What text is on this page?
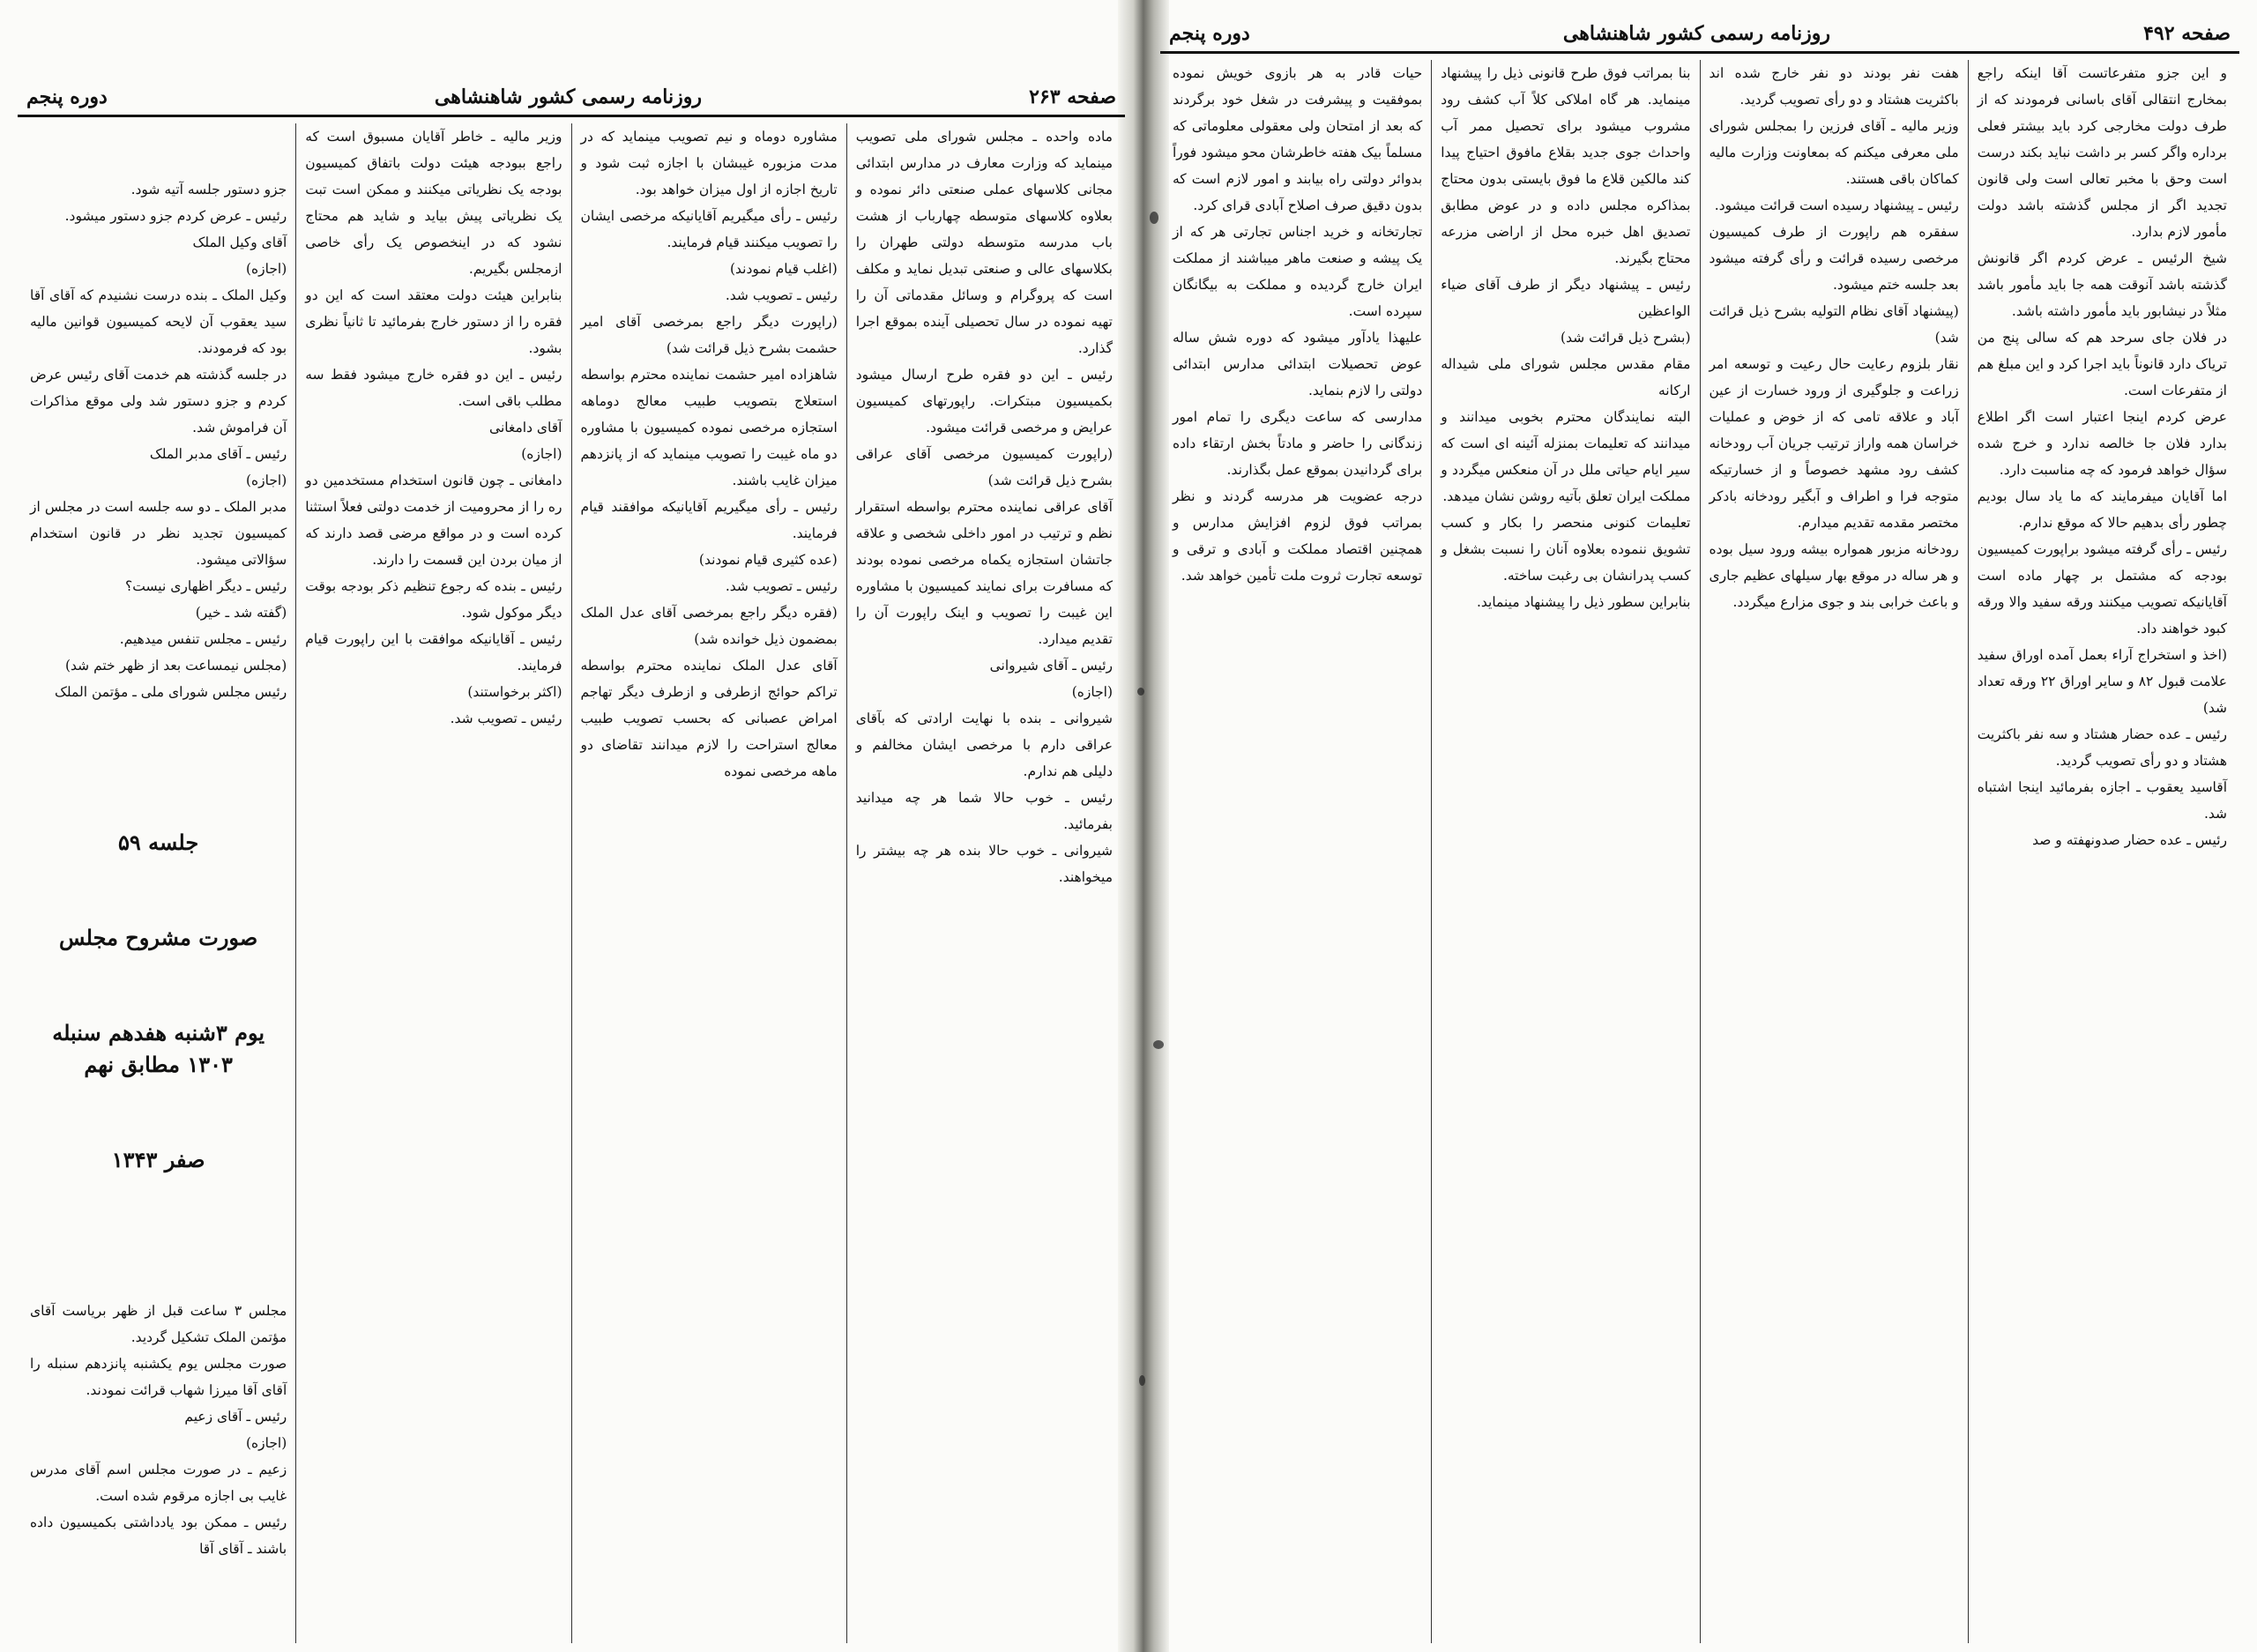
صفحه ۲۶۳
روزنامه رسمی کشور شاهنشاهی
دوره پنجم
ماده واحده ـ مجلس شورای ملی تصویب مینماید که وزارت معارف در مدارس ابتدائی مجانی کلاسهای عملی صنعتی دائر نموده و بعلاوه کلاسهای متوسطه چهارباب از هشت باب مدرسه متوسطه دولتی طهران را بکلاسهای عالی و صنعتی تبدیل نماید و مکلف است که پروگرام و وسائل مقدماتی آن را تهیه نموده در سال تحصیلی آینده بموقع اجرا گذارد.
رئیس ـ این دو فقره طرح ارسال میشود بکمیسیون مبتکرات. راپورتهای کمیسیون عرایض و مرخصی قرائت میشود.
(راپورت کمیسیون مرخصی آقای عراقی بشرح ذیل قرائت شد)
آقای عراقی نماینده محترم بواسطه استقرار نظم و ترتیب در امور داخلی شخصی و علاقه جاتشان استجازه یکماه مرخصی نموده بودند که مسافرت برای نمایند کمیسیون با مشاوره این غیبت را تصویب و اینک راپورت آن را تقدیم میدارد.
رئیس ـ آقای شیروانی
(اجازه)
شیروانی ـ بنده با نهایت ارادتی که بآقای عراقی دارم با مرخصی ایشان مخالفم و دلیلی هم ندارم.
رئیس ـ خوب حالا شما هر چه میدانید بفرمائید.
شیروانی ـ خوب حالا بنده هر چه بیشتر را میخواهند.
مشاوره دوماه و نیم تصویب مینماید که در مدت مزبوره غیبشان با اجازه ثبت شود و تاریخ اجازه از اول میزان خواهد بود.
رئیس ـ رأی میگیریم آقایانیکه مرخصی ایشان را تصویب میکنند قیام فرمایند.
(اغلب قیام نمودند)
رئیس ـ تصویب شد.
(راپورت دیگر راجع بمرخصی آقای امیر حشمت بشرح ذیل قرائت شد)
شاهزاده امیر حشمت نماینده محترم بواسطه استعلاج بتصویب طبیب معالج دوماهه استجازه مرخصی نموده کمیسیون با مشاوره دو ماه غیبت را تصویب مینماید که از پانزدهم میزان غایب باشند.
رئیس ـ رأی میگیریم آقایانیکه موافقند قیام فرمایند.
(عده کثیری قیام نمودند)
رئیس ـ تصویب شد.
(فقره دیگر راجع بمرخصی آقای عدل الملک بمضمون ذیل خوانده شد)
آقای عدل الملک نماینده محترم بواسطه تراکم حوائج ازطرفی و ازطرف دیگر تهاجم امراض عصبانی که بحسب تصویب طبیب معالج استراحت را لازم میدانند تقاضای دو ماهه مرخصی نموده
وزیر مالیه ـ خاطر آقایان مسبوق است که راجع ببودجه هیئت دولت باتفاق کمیسیون بودجه یک نظریاتی میکنند و ممکن است تبت یک نظریاتی پیش بیاید و شاید هم محتاج نشود که در اینخصوص یک رأی خاصی ازمجلس بگیریم.
بنابراین هیئت دولت معتقد است که این دو فقره را از دستور خارج بفرمائید تا ثانیاً نظری بشود.
رئیس ـ این دو فقره خارج میشود فقط سه مطلب باقی است.
آقای دامغانی
(اجازه)
دامغانی ـ چون قانون استخدام مستخدمین دو ره را از محرومیت از خدمت دولتی فعلاً استثنا کرده است و در مواقع مرضی قصد دارند که از میان بردن این قسمت را دارند.
رئیس ـ بنده که رجوع تنظیم ذکر بودجه بوقت دیگر موکول شود.
رئیس ـ آقایانیکه موافقت با این راپورت قیام فرمایند.
(اکثر برخواستند)
رئیس ـ تصویب شد.

جزو دستور جلسه آتیه شود.
رئیس ـ عرض کردم جزو دستور میشود.
آقای وکیل الملک
(اجازه)
وکیل الملک ـ بنده درست نشنیدم که آقای آقا سید یعقوب آن لایحه کمیسیون قوانین مالیه بود که فرمودند.
در جلسه گذشته هم خدمت آقای رئیس عرض کردم و جزو دستور شد ولی موقع مذاکرات آن فراموش شد.
رئیس ـ آقای مدبر الملک
(اجازه)
مدبر الملک ـ دو سه جلسه است در مجلس از کمیسیون تجدید نظر در قانون استخدام سؤالاتی میشود.
رئیس ـ دیگر اظهاری نیست؟
(گفته شد ـ خیر)
رئیس ـ مجلس تنفس میدهیم.
(مجلس نیمساعت بعد از ظهر ختم شد)
رئیس مجلس شورای ملی ـ مؤتمن الملک

جلسه ۵۹

صورت مشروح مجلس

یوم ۳شنبه هفدهم سنبله ۱۳۰۳ مطابق نهم

صفر ۱۳۴۳

مجلس ۳ ساعت قبل از ظهر بریاست آقای مؤتمن الملک تشکیل گردید.
صورت مجلس یوم یکشنبه پانزدهم سنبله را آقای آقا میرزا شهاب قرائت نمودند.
رئیس ـ آقای زعیم
(اجازه)
زعیم ـ در صورت مجلس اسم آقای مدرس غایب بی اجازه مرقوم شده است.
رئیس ـ ممکن بود یادداشتی بکمیسیون داده باشند ـ آقای آقا

صفحه ۴۹۲
روزنامه رسمی کشور شاهنشاهی
دوره پنجم
و این جزو متفرعاتست آقا اینکه راجع بمخارج انتقالی آقای باسانی فرمودند که از طرف دولت مخارجی کرد باید بیشتر فعلی برداره واگر کسر بر داشت نباید بکند درست است وحق با مخبر تعالی است ولی قانون تجدید اگر از مجلس گذشته باشد دولت مأمور لازم بدارد.
شیخ الرئیس ـ عرض کردم اگر قانونش گذشته باشد آنوقت همه جا باید مأمور باشد مثلاً در نیشابور باید مأمور داشته باشد.
در فلان جای سرحد هم که سالی پنج من تریاک دارد قانوناً باید اجرا کرد و این مبلغ هم از متفرعات است.
عرض کردم اینجا اعتبار است اگر اطلاع بدارد فلان جا خالصه ندارد و خرج شده سؤال خواهد فرمود که چه مناسبت دارد.
اما آقایان میفرمایند که ما یاد سال بودیم چطور رأی بدهیم حالا که موقع ندارم.
رئیس ـ رأی گرفته میشود براپورت کمیسیون بودجه که مشتمل بر چهار ماده است آقایانیکه تصویب میکنند ورقه سفید والا ورقه کبود خواهند داد.
(اخذ و استخراج آراء بعمل آمده اوراق سفید علامت قبول ۸۲ و سایر اوراق ۲۲ ورقه تعداد شد)
رئیس ـ عده حضار هشتاد و سه نفر باکثریت هشتاد و دو رأی تصویب گردید.
آقاسید یعقوب ـ اجازه بفرمائید اینجا اشتباه شد.
رئیس ـ عده حضار صدونهفته و صد
هفت نفر بودند دو نفر خارج شده اند باکثریت هشتاد و دو رأی تصویب گردید.
وزیر مالیه ـ آقای فرزین را بمجلس شورای ملی معرفی میکنم که بمعاونت وزارت مالیه کماکان باقی هستند.
رئیس ـ پیشنهاد رسیده است قرائت میشود.
سفقره هم راپورت از طرف کمیسیون مرخصی رسیده قرائت و رأی گرفته میشود بعد جلسه ختم میشود.
(پیشنهاد آقای نظام التولیه بشرح ذیل قرائت شد)
نقار بلزوم رعایت حال رعیت و توسعه امر زراعت و جلوگیری از ورود خسارت از عین آباد و علاقه تامی که از خوض و عملیات خراسان همه واراز ترتیب جریان آب رودخانه کشف رود مشهد خصوصاً و از خسارتیکه متوجه فرا و اطراف و آبگیر رودخانه بادکر مختصر مقدمه تقدیم میدارم.
رودخانه مزبور همواره بیشه ورود سیل بوده و هر ساله در موقع بهار سیلهای عظیم جاری و باعث خرابی بند و جوی مزارع میگردد.
بنا بمراتب فوق طرح قانونی ذیل را پیشنهاد مینماید. هر گاه املاکی کلاً آب کشف رود مشروب میشود برای تحصیل ممر آب واحداث جوی جدید بقلاع مافوق احتیاج پیدا کند مالکین قلاع ما فوق بایستی بدون محتاج بمذاکره مجلس داده و در عوض مطابق تصدیق اهل خبره محل از اراضی مزرعه محتاج بگیرند.
رئیس ـ پیشنهاد دیگر از طرف آقای ضیاء الواعظین
(بشرح ذیل قرائت شد)
مقام مقدس مجلس شورای ملی شیداله ارکانه
البته نمایندگان محترم بخوبی میدانند و میدانند که تعلیمات بمنزله آئینه ای است که سیر ایام حیاتی ملل در آن منعکس میگردد و مملکت ایران تعلق بآتیه روشن نشان میدهد.
تعلیمات کنونی منحصر را بکار و کسب تشویق ننموده بعلاوه آنان را نسبت بشغل و کسب پدرانشان بی رغبت ساخته.
بنابراین سطور ذیل را پیشنهاد مینماید.
حیات قادر به هر بازوی خویش نموده بموفقیت و پیشرفت در شغل خود برگردند که بعد از امتحان ولی معقولی معلوماتی که مسلماً بیک هفته خاطرشان محو میشود فوراً بدوائر دولتی راه بیابند و امور لازم است که بدون دقیق صرف اصلاح آبادی قرای کرد.
تجارتخانه و خرید اجناس تجارتی هر که از یک پیشه و صنعت ماهر میباشند از مملکت ایران خارج گردیده و مملکت به بیگانگان سپرده است.
علیهذا یادآور میشود که دوره شش ساله عوض تحصیلات ابتدائی مدارس ابتدائی دولتی را لازم بنماید.
مدارسی که ساعت دیگری را تمام امور زندگانی را حاضر و مادتاً بخش ارتقاء داده برای گردانیدن بموقع عمل بگذارند.
درجه عضویت هر مدرسه گردند و نظر بمراتب فوق لزوم افزایش مدارس و همچنین اقتصاد مملکت و آبادی و ترقی و توسعه تجارت ثروت ملت تأمین خواهد شد.
